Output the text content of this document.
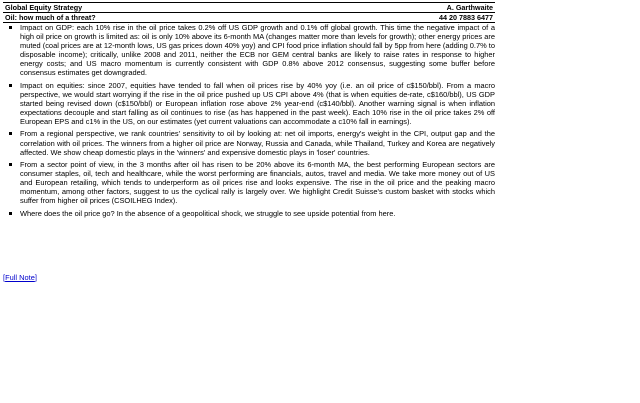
Global Equity Strategy	A. Garthwaite
Oil: how much of a threat?	44 20 7883 6477
Impact on GDP: each 10% rise in the oil price takes 0.2% off US GDP growth and 0.1% off global growth. This time the negative impact of a high oil price on growth is limited as: oil is only 10% above its 6-month MA (changes matter more than levels for growth); other energy prices are muted (coal prices are at 12-month lows, US gas prices down 40% yoy) and CPI food price inflation should fall by 5pp from here (adding 0.7% to disposable income); critically, unlike 2008 and 2011, neither the ECB nor GEM central banks are likely to raise rates in response to higher energy costs; and US macro momentum is currently consistent with GDP 0.8% above 2012 consensus, suggesting some buffer before consensus estimates get downgraded.
Impact on equities: since 2007, equities have tended to fall when oil prices rise by 40% yoy (i.e. an oil price of c$150/bbl). From a macro perspective, we would start worrying if the rise in the oil price pushed up US CPI above 4% (that is when equities de-rate, c$160/bbl), US GDP started being revised down (c$150/bbl) or European inflation rose above 2% year-end (c$140/bbl). Another warning signal is when inflation expectations decouple and start falling as oil continues to rise (as has happened in the past week). Each 10% rise in the oil price takes 2% off European EPS and c1% in the US, on our estimates (yet current valuations can accommodate a c10% fall in earnings).
From a regional perspective, we rank countries' sensitivity to oil by looking at: net oil imports, energy's weight in the CPI, output gap and the correlation with oil prices. The winners from a higher oil price are Norway, Russia and Canada, while Thailand, Turkey and Korea are negatively affected. We show cheap domestic plays in the 'winners' and expensive domestic plays in 'loser' countries.
From a sector point of view, in the 3 months after oil has risen to be 20% above its 6-month MA, the best performing European sectors are consumer staples, oil, tech and healthcare, while the worst performing are financials, autos, travel and media. We take more money out of US and European retailing, which tends to underperform as oil prices rise and looks expensive. The rise in the oil price and the peaking macro momentum, among other factors, suggest to us the cyclical rally is largely over. We highlight Credit Suisse's custom basket with stocks which suffer from higher oil prices (CSOILHEG Index).
Where does the oil price go? In the absence of a geopolitical shock, we struggle to see upside potential from here.
[Full Note]
